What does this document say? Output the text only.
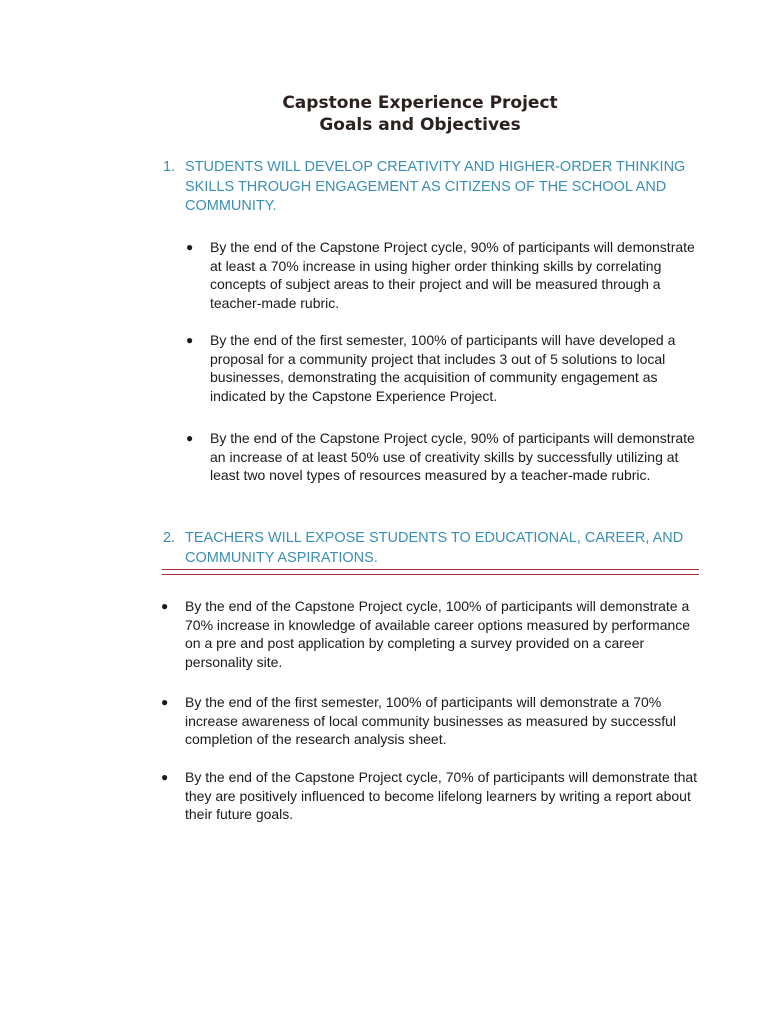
Capstone Experience Project
Goals and Objectives
1. STUDENTS WILL DEVELOP CREATIVITY AND HIGHER-ORDER THINKING SKILLS THROUGH ENGAGEMENT AS CITIZENS OF THE SCHOOL AND COMMUNITY.
● By the end of the Capstone Project cycle, 90% of participants will demonstrate at least a 70% increase in using higher order thinking skills by correlating concepts of subject areas to their project and will be measured through a teacher-made rubric.
● By the end of the first semester, 100% of participants will have developed a proposal for a community project that includes 3 out of 5 solutions to local businesses, demonstrating the acquisition of community engagement as indicated by the Capstone Experience Project.
● By the end of the Capstone Project cycle, 90% of participants will demonstrate an increase of at least 50% use of creativity skills by successfully utilizing at least two novel types of resources measured by a teacher-made rubric.
2. TEACHERS WILL EXPOSE STUDENTS TO EDUCATIONAL, CAREER, AND COMMUNITY ASPIRATIONS.
● By the end of the Capstone Project cycle, 100% of participants will demonstrate a 70% increase in knowledge of available career options measured by performance on a pre and post application by completing a survey provided on a career personality site.
● By the end of the first semester, 100% of participants will demonstrate a 70% increase awareness of local community businesses as measured by successful completion of the research analysis sheet.
● By the end of the Capstone Project cycle, 70% of participants will demonstrate that they are positively influenced to become lifelong learners by writing a report about their future goals.
